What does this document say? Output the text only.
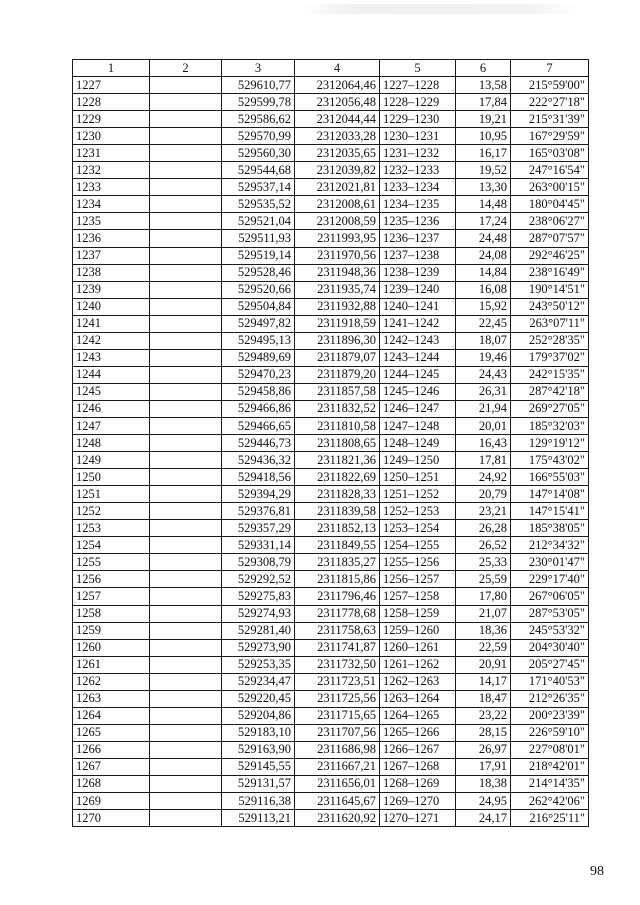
1	2	3	4	5	6	7
1227		529610,77	2312064,46	1227–1228	13,58	215°59'00"
1228		529599,78	2312056,48	1228–1229	17,84	222°27'18"
1229		529586,62	2312044,44	1229–1230	19,21	215°31'39"
1230		529570,99	2312033,28	1230–1231	10,95	167°29'59"
1231		529560,30	2312035,65	1231–1232	16,17	165°03'08"
1232		529544,68	2312039,82	1232–1233	19,52	247°16'54"
1233		529537,14	2312021,81	1233–1234	13,30	263°00'15"
1234		529535,52	2312008,61	1234–1235	14,48	180°04'45"
1235		529521,04	2312008,59	1235–1236	17,24	238°06'27"
1236		529511,93	2311993,95	1236–1237	24,48	287°07'57"
1237		529519,14	2311970,56	1237–1238	24,08	292°46'25"
1238		529528,46	2311948,36	1238–1239	14,84	238°16'49"
1239		529520,66	2311935,74	1239–1240	16,08	190°14'51"
1240		529504,84	2311932,88	1240–1241	15,92	243°50'12"
1241		529497,82	2311918,59	1241–1242	22,45	263°07'11"
1242		529495,13	2311896,30	1242–1243	18,07	252°28'35"
1243		529489,69	2311879,07	1243–1244	19,46	179°37'02"
1244		529470,23	2311879,20	1244–1245	24,43	242°15'35"
1245		529458,86	2311857,58	1245–1246	26,31	287°42'18"
1246		529466,86	2311832,52	1246–1247	21,94	269°27'05"
1247		529466,65	2311810,58	1247–1248	20,01	185°32'03"
1248		529446,73	2311808,65	1248–1249	16,43	129°19'12"
1249		529436,32	2311821,36	1249–1250	17,81	175°43'02"
1250		529418,56	2311822,69	1250–1251	24,92	166°55'03"
1251		529394,29	2311828,33	1251–1252	20,79	147°14'08"
1252		529376,81	2311839,58	1252–1253	23,21	147°15'41"
1253		529357,29	2311852,13	1253–1254	26,28	185°38'05"
1254		529331,14	2311849,55	1254–1255	26,52	212°34'32"
1255		529308,79	2311835,27	1255–1256	25,33	230°01'47"
1256		529292,52	2311815,86	1256–1257	25,59	229°17'40"
1257		529275,83	2311796,46	1257–1258	17,80	267°06'05"
1258		529274,93	2311778,68	1258–1259	21,07	287°53'05"
1259		529281,40	2311758,63	1259–1260	18,36	245°53'32"
1260		529273,90	2311741,87	1260–1261	22,59	204°30'40"
1261		529253,35	2311732,50	1261–1262	20,91	205°27'45"
1262		529234,47	2311723,51	1262–1263	14,17	171°40'53"
1263		529220,45	2311725,56	1263–1264	18,47	212°26'35"
1264		529204,86	2311715,65	1264–1265	23,22	200°23'39"
1265		529183,10	2311707,56	1265–1266	28,15	226°59'10"
1266		529163,90	2311686,98	1266–1267	26,97	227°08'01"
1267		529145,55	2311667,21	1267–1268	17,91	218°42'01"
1268		529131,57	2311656,01	1268–1269	18,38	214°14'35"
1269		529116,38	2311645,67	1269–1270	24,95	262°42'06"
1270		529113,21	2311620,92	1270–1271	24,17	216°25'11"
98
